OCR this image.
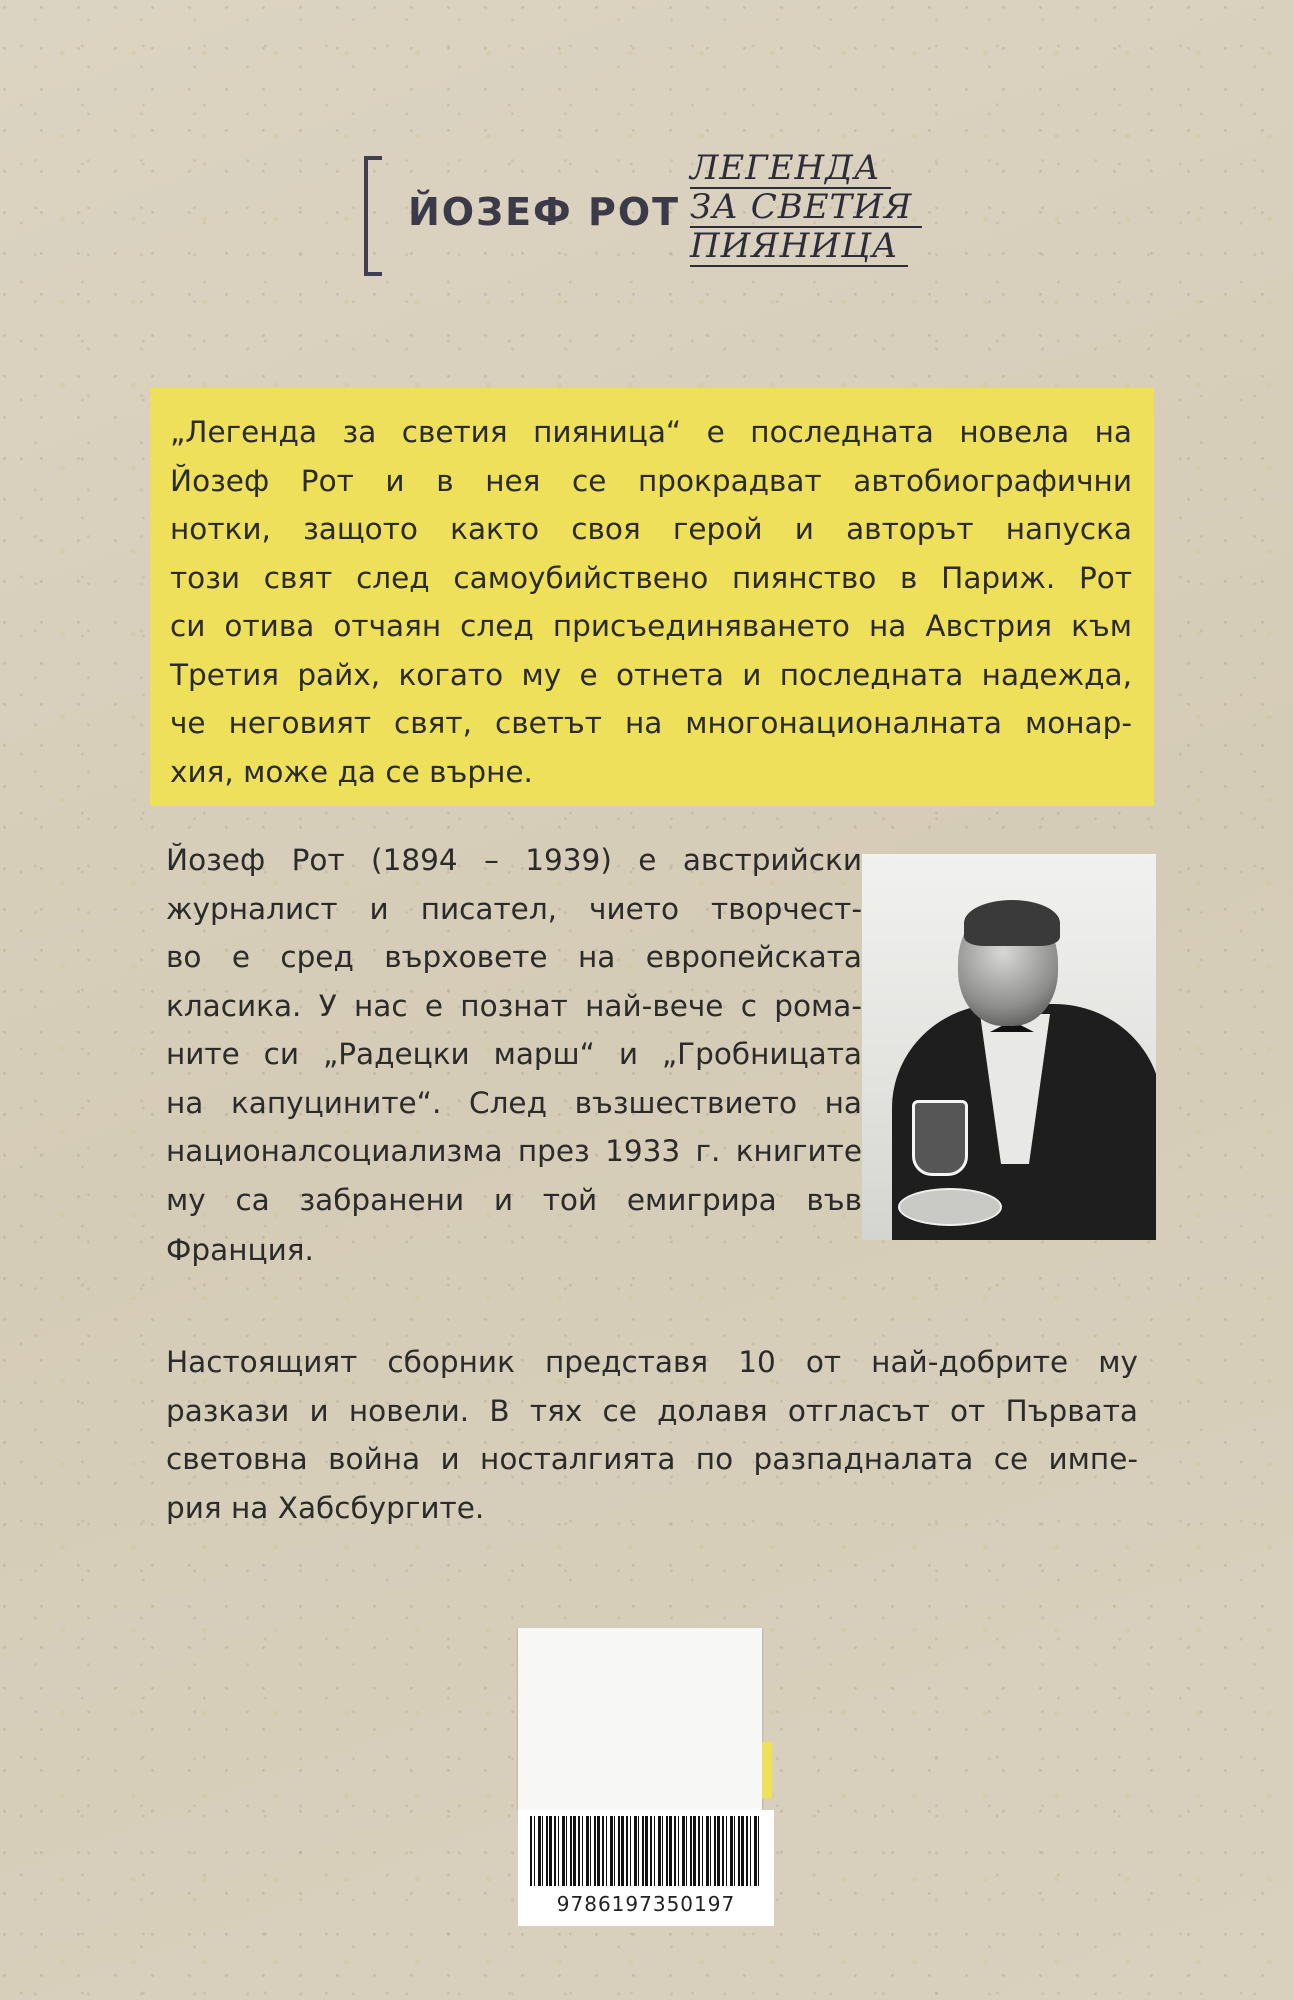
ЙОЗЕФ РОТ
ЛЕГЕНДА
ЗА СВЕТИЯ
ПИЯНИЦА

„Легенда за светия пияница“ е последната новела на
Йозеф Рот и в нея се прокрадват автобиографични
нотки, защото както своя герой и авторът напуска
този свят след самоубийствено пиянство в Париж. Рот
си отива отчаян след присъединяването на Австрия към
Третия райх, когато му е отнета и последната надежда,
че неговият свят, светът на многонационалната монар-
хия, може да се върне.

Йозеф Рот (1894 – 1939) е австрийски
журналист и писател, чието творчест-
во е сред върховете на европейската
класика. У нас е познат най-вече с рома-
ните си „Радецки марш“ и „Гробницата
на капуцините“. След възшествието на
националсоциализма през 1933 г. книгите
му са забранени и той емигрира във

Франция.

Настоящият сборник представя 10 от най-добрите му
разкази и новели. В тях се долавя отгласът от Първата
световна война и носталгията по разпадналата се импе-
рия на Хабсбургите.

9786197350197
